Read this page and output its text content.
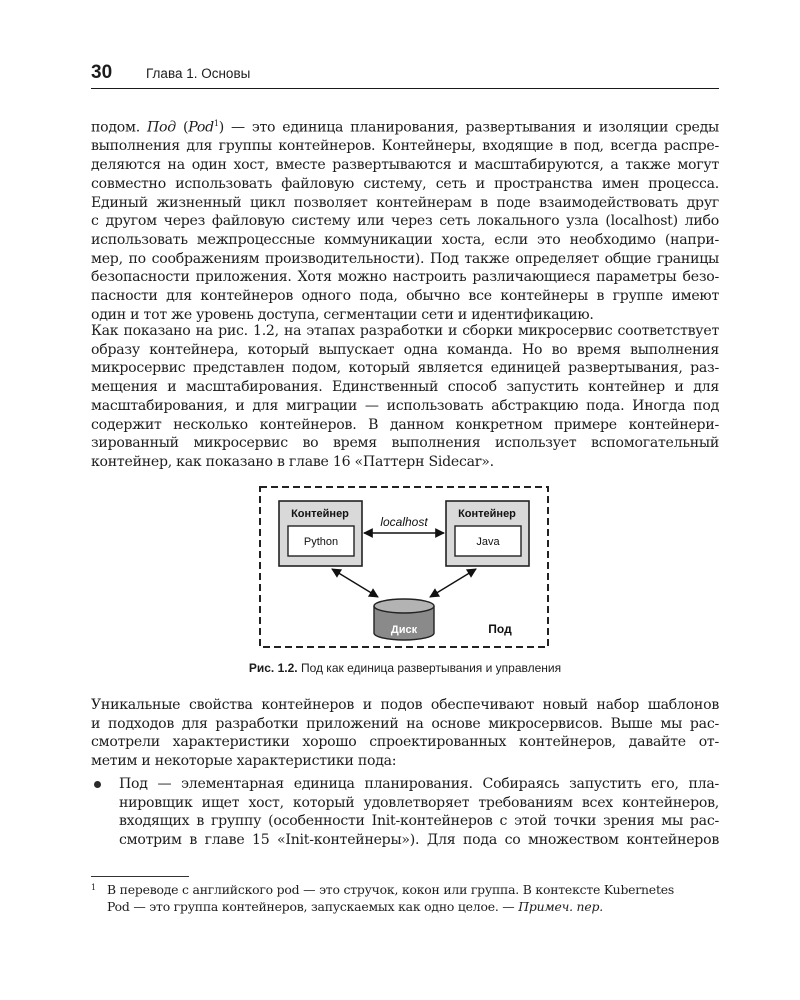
30	Глава 1. Основы
подом. Под (Pod$^1$) — это единица планирования, развертывания и изоляции среды
выполнения для группы контейнеров. Контейнеры, входящие в под, всегда распре-
деляются на один хост, вместе развертываются и масштабируются, а также могут
совместно использовать файловую систему, сеть и пространства имен процесса.
Единый жизненный цикл позволяет контейнерам в поде взаимодействовать друг
с другом через файловую систему или через сеть локального узла (localhost) либо
использовать межпроцессные коммуникации хоста, если это необходимо (напри-
мер, по соображениям производительности). Под также определяет общие границы
безопасности приложения. Хотя можно настроить различающиеся параметры безо-
пасности для контейнеров одного пода, обычно все контейнеры в группе имеют
один и тот же уровень доступа, сегментации сети и идентификацию.
Как показано на рис. 1.2, на этапах разработки и сборки микросервис соответствует
образу контейнера, который выпускает одна команда. Но во время выполнения
микросервис представлен подом, который является единицей развертывания, раз-
мещения и масштабирования. Единственный способ запустить контейнер и для
масштабирования, и для миграции — использовать абстракцию пода. Иногда под
содержит несколько контейнеров. В данном конкретном примере контейнери-
зированный микросервис во время выполнения использует вспомогательный
контейнер, как показано в главе 16 «Паттерн Sidecar».
Контейнер
Python
Контейнер
Java
localhost
Диск	Под
Рис. 1.2. Под как единица развертывания и управления
Уникальные свойства контейнеров и подов обеспечивают новый набор шаблонов
и подходов для разработки приложений на основе микросервисов. Выше мы рас-
смотрели характеристики хорошо спроектированных контейнеров, давайте от-
метим и некоторые характеристики пода:
Под — элементарная единица планирования. Собираясь запустить его, пла-
нировщик ищет хост, который удовлетворяет требованиям всех контейнеров,
входящих в группу (особенности Init-контейнеров с этой точки зрения мы рас-
смотрим в главе 15 «Init-контейнеры»). Для пода со множеством контейнеров
1 В переводе с английского pod — это стручок, кокон или группа. В контексте Kubernetes
Pod — это группа контейнеров, запускаемых как одно целое. — Примеч. пер.
